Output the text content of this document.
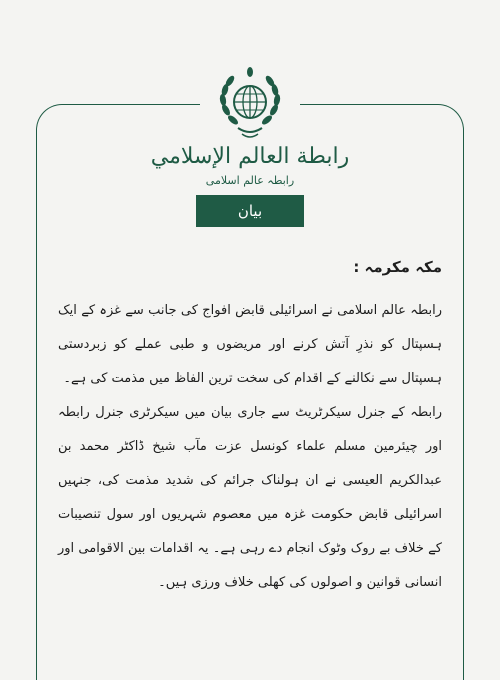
رابطة العالم الإسلامي
رابطہ عالم اسلامی
بیان
مکہ مکرمہ :
رابطہ عالم اسلامی نے اسرائیلی قابض افواج کی جانب سے غزہ کے ایک ہسپتال کو نذرِ آتش کرنے اور مریضوں و طبی عملے کو زبردستی ہسپتال سے نکالنے کے اقدام کی سخت ترین الفاظ میں مذمت کی ہے۔
رابطہ کے جنرل سیکرٹریٹ سے جاری بیان میں سیکرٹری جنرل رابطہ اور چیئرمین مسلم علماء کونسل عزت مآب شیخ ڈاکٹر محمد بن عبدالکریم العیسی نے ان ہولناک جرائم کی شدید مذمت کی، جنہیں اسرائیلی قابض حکومت غزہ میں معصوم شہریوں اور سول تنصیبات کے خلاف بے روک وٹوک انجام دے رہی ہے۔ یہ اقدامات بین الاقوامی اور انسانی قوانین و اصولوں کی کھلی خلاف ورزی ہیں۔
